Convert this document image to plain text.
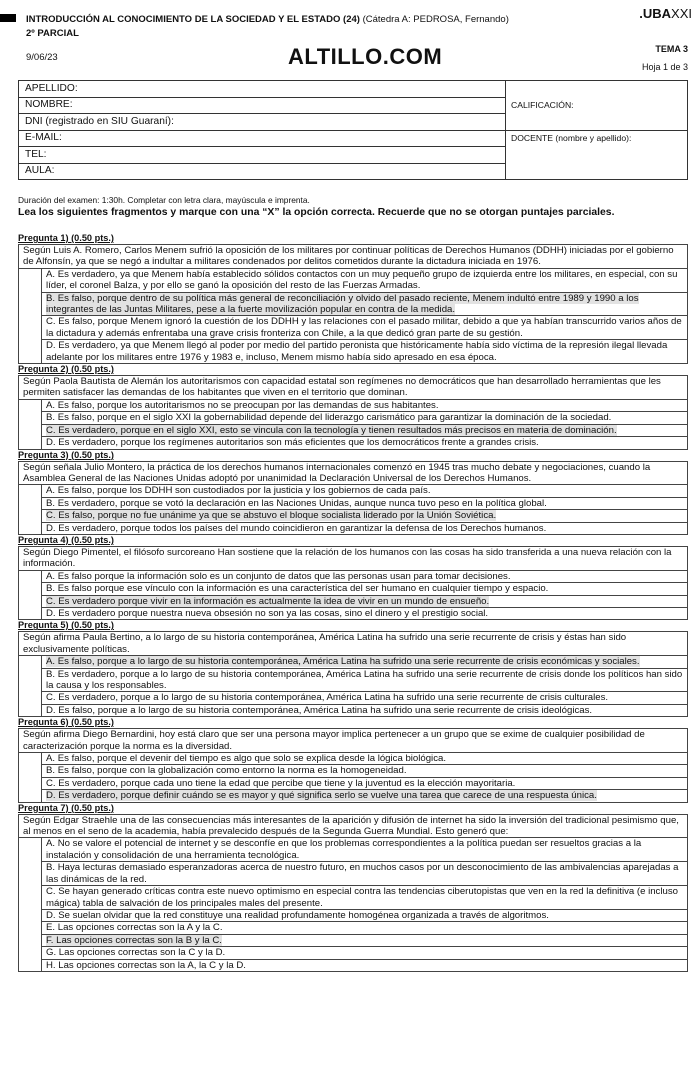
INTRODUCCIÓN AL CONOCIMIENTO DE LA SOCIEDAD Y EL ESTADO (24) (Cátedra A: PEDROSA, Fernando)
2º PARCIAL
9/06/23	ALTILLO.COM
.UBAXXI
TEMA 3
Hoja 1 de 3
APELLIDO:
NOMBRE:
DNI (registrado en SIU Guaraní):
E-MAIL:
TEL:
AULA:
CALIFICACIÓN:
DOCENTE (nombre y apellido):
Duración del examen: 1:30h. Completar con letra clara, mayúscula e imprenta.
Lea los siguientes fragmentos y marque con una “X” la opción correcta. Recuerde que no se otorgan puntajes parciales.
Pregunta 1) (0.50 pts.)
Según Luis A. Romero, Carlos Menem sufrió la oposición de los militares por continuar políticas de Derechos Humanos (DDHH) iniciadas por el gobierno de Alfonsín, ya que se negó a indultar a militares condenados por delitos cometidos durante la dictadura iniciada en 1976.
A. Es verdadero, ya que Menem había establecido sólidos contactos con un muy pequeño grupo de izquierda entre los militares, en especial, con su líder, el coronel Balza, y por ello se ganó la oposición del resto de las Fuerzas Armadas.
B. Es falso, porque dentro de su política más general de reconciliación y olvido del pasado reciente, Menem indultó entre 1989 y 1990 a los integrantes de las Juntas Militares, pese a la fuerte movilización popular en contra de la medida.
C. Es falso, porque Menem ignoró la cuestión de los DDHH y las relaciones con el pasado militar, debido a que ya habían transcurrido varios años de la dictadura y además enfrentaba una grave crisis fronteriza con Chile, a la que dedicó gran parte de su gestión.
D. Es verdadero, ya que Menem llegó al poder por medio del partido peronista que históricamente había sido víctima de la represión ilegal llevada adelante por los militares entre 1976 y 1983 e, incluso, Menem mismo había sido apresado en esa época.
Pregunta 2) (0.50 pts.)
Según Paola Bautista de Alemán los autoritarismos con capacidad estatal son regímenes no democráticos que han desarrollado herramientas que les permiten satisfacer las demandas de los habitantes que viven en el territorio que dominan.
A. Es falso, porque los autoritarismos no se preocupan por las demandas de sus habitantes.
B. Es falso, porque en el siglo XXI la gobernabilidad depende del liderazgo carismático para garantizar la dominación de la sociedad.
C. Es verdadero, porque en el siglo XXI, esto se vincula con la tecnología y tienen resultados más precisos en materia de dominación.
D. Es verdadero, porque los regímenes autoritarios son más eficientes que los democráticos frente a grandes crisis.
Pregunta 3) (0.50 pts.)
Según señala Julio Montero, la práctica de los derechos humanos internacionales comenzó en 1945 tras mucho debate y negociaciones, cuando la Asamblea General de las Naciones Unidas adoptó por unanimidad la Declaración Universal de los Derechos Humanos.
A. Es falso, porque los DDHH son custodiados por la justicia y los gobiernos de cada país.
B. Es verdadero, porque se votó la declaración en las Naciones Unidas, aunque nunca tuvo peso en la política global.
C. Es falso, porque no fue unánime ya que se abstuvo el bloque socialista liderado por la Unión Soviética.
D. Es verdadero, porque todos los países del mundo coincidieron en garantizar la defensa de los Derechos humanos.
Pregunta 4) (0.50 pts.)
Según Diego Pimentel, el filósofo surcoreano Han sostiene que la relación de los humanos con las cosas ha sido transferida a una nueva relación con la información.
A. Es falso porque la información solo es un conjunto de datos que las personas usan para tomar decisiones.
B. Es falso porque ese vínculo con la información es una característica del ser humano en cualquier tiempo y espacio.
C. Es verdadero porque vivir en la información es actualmente la idea de vivir en un mundo de ensueño.
D. Es verdadero porque nuestra nueva obsesión no son ya las cosas, sino el dinero y el prestigio social.
Pregunta 5) (0.50 pts.)
Según afirma Paula Bertino, a lo largo de su historia contemporánea, América Latina ha sufrido una serie recurrente de crisis y éstas han sido exclusivamente políticas.
A. Es falso, porque a lo largo de su historia contemporánea, América Latina ha sufrido una serie recurrente de crisis económicas y sociales.
B. Es verdadero, porque a lo largo de su historia contemporánea, América Latina ha sufrido una serie recurrente de crisis donde los políticos han sido la causa y los responsables.
C. Es verdadero, porque a lo largo de su historia contemporánea, América Latina ha sufrido una serie recurrente de crisis culturales.
D. Es falso, porque a lo largo de su historia contemporánea, América Latina ha sufrido una serie recurrente de crisis ideológicas.
Pregunta 6) (0.50 pts.)
Según afirma Diego Bernardini, hoy está claro que ser una persona mayor implica pertenecer a un grupo que se exime de cualquier posibilidad de caracterización porque la norma es la diversidad.
A. Es falso, porque el devenir del tiempo es algo que solo se explica desde la lógica biológica.
B. Es falso, porque con la globalización como entorno la norma es la homogeneidad.
C. Es verdadero, porque cada uno tiene la edad que percibe que tiene y la juventud es la elección mayoritaria.
D. Es verdadero, porque definir cuándo se es mayor y qué significa serlo se vuelve una tarea que carece de una respuesta única.
Pregunta 7) (0.50 pts.)
Según Edgar Straehle una de las consecuencias más interesantes de la aparición y difusión de internet ha sido la inversión del tradicional pesimismo que, al menos en el seno de la academia, había prevalecido después de la Segunda Guerra Mundial. Esto generó que:
A. No se valore el potencial de internet y se desconfíe en que los problemas correspondientes a la política puedan ser resueltos gracias a la instalación y consolidación de una herramienta tecnológica.
B. Haya lecturas demasiado esperanzadoras acerca de nuestro futuro, en muchos casos por un desconocimiento de las ambivalencias aparejadas a las dinámicas de la red.
C. Se hayan generado críticas contra este nuevo optimismo en especial contra las tendencias ciberutopistas que ven en la red la definitiva (e incluso mágica) tabla de salvación de los principales males del presente.
D. Se suelan olvidar que la red constituye una realidad profundamente homogénea organizada a través de algoritmos.
E. Las opciones correctas son la A y la C.
F. Las opciones correctas son la B y la C.
G. Las opciones correctas son la C y la D.
H. Las opciones correctas son la A, la C y la D.
